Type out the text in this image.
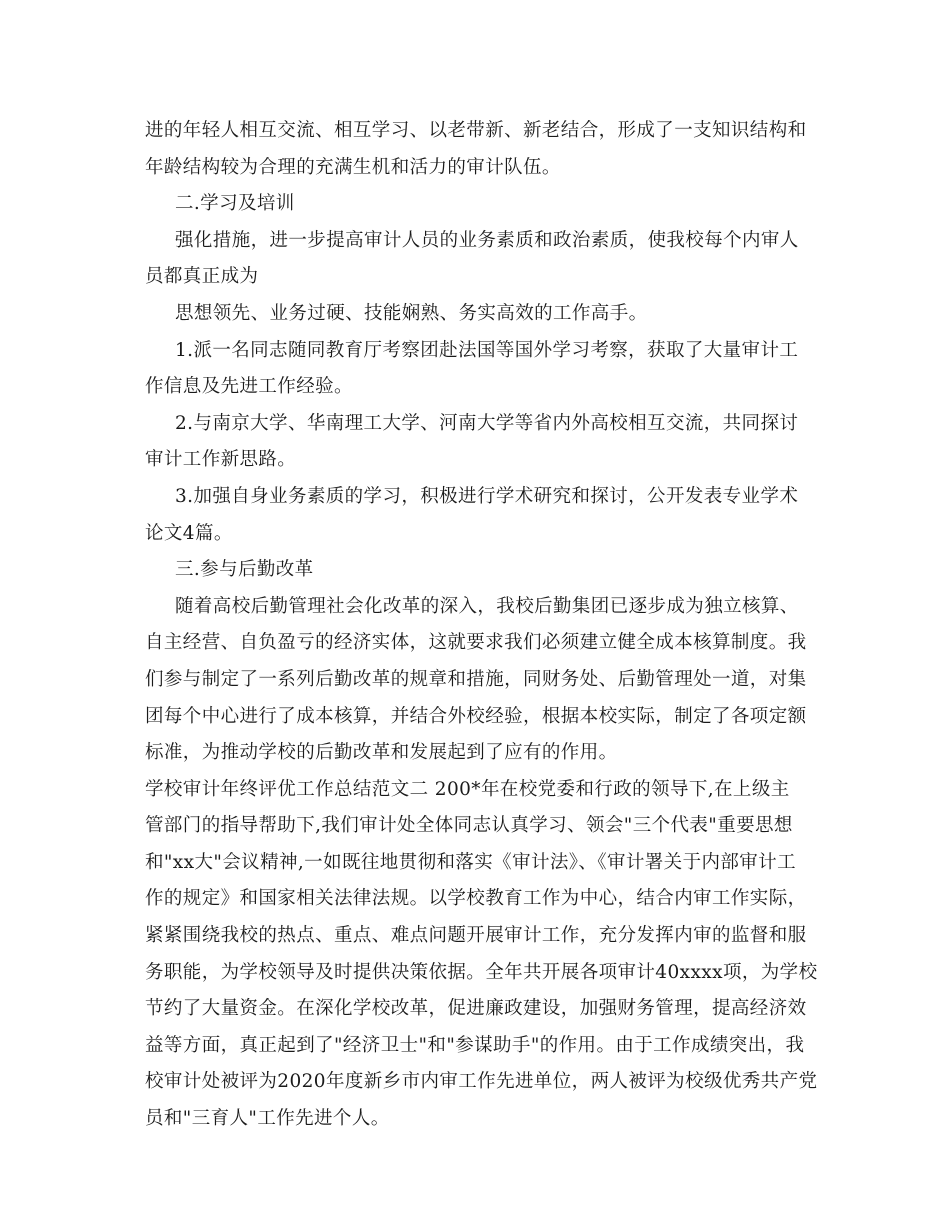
进的年轻人相互交流、相互学习、以老带新、新老结合，形成了一支知识结构和
年龄结构较为合理的充满生机和活力的审计队伍。
二.学习及培训
强化措施，进一步提高审计人员的业务素质和政治素质，使我校每个内审人
员都真正成为
思想领先、业务过硬、技能娴熟、务实高效的工作高手。
1.派一名同志随同教育厅考察团赴法国等国外学习考察，获取了大量审计工
作信息及先进工作经验。
2.与南京大学、华南理工大学、河南大学等省内外高校相互交流，共同探讨
审计工作新思路。
3.加强自身业务素质的学习，积极进行学术研究和探讨，公开发表专业学术
论文4篇。
三.参与后勤改革
随着高校后勤管理社会化改革的深入，我校后勤集团已逐步成为独立核算、
自主经营、自负盈亏的经济实体，这就要求我们必须建立健全成本核算制度。我
们参与制定了一系列后勤改革的规章和措施，同财务处、后勤管理处一道，对集
团每个中心进行了成本核算，并结合外校经验，根据本校实际，制定了各项定额
标准，为推动学校的后勤改革和发展起到了应有的作用。
学校审计年终评优工作总结范文二 200*年在校党委和行政的领导下,在上级主
管部门的指导帮助下,我们审计处全体同志认真学习、领会"三个代表"重要思想
和"xx大"会议精神,一如既往地贯彻和落实《审计法》、《审计署关于内部审计工
作的规定》和国家相关法律法规。以学校教育工作为中心，结合内审工作实际，
紧紧围绕我校的热点、重点、难点问题开展审计工作，充分发挥内审的监督和服
务职能，为学校领导及时提供决策依据。全年共开展各项审计40xxxx项，为学校
节约了大量资金。在深化学校改革，促进廉政建设，加强财务管理，提高经济效
益等方面，真正起到了"经济卫士"和"参谋助手"的作用。由于工作成绩突出，我
校审计处被评为2020年度新乡市内审工作先进单位，两人被评为校级优秀共产党
员和"三育人"工作先进个人。
